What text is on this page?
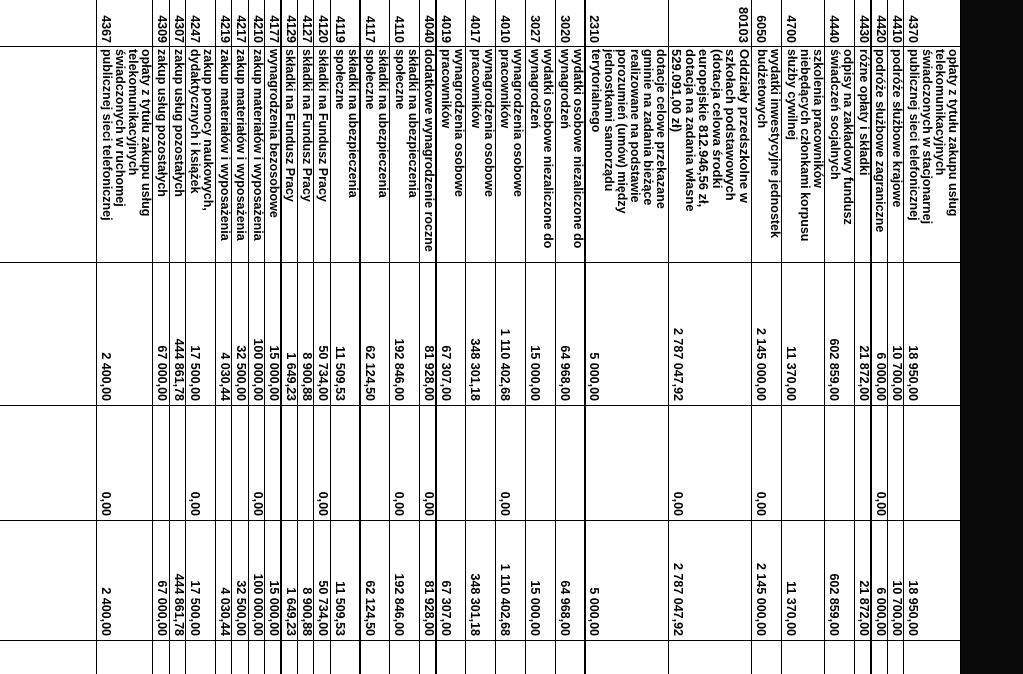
4370
opłaty z tytułu zakupu usług
telekomunikacyjnych
świadczonych w stacjonarnej
publicznej sieci telefonicznej
18 950,00
18 950,00
4410
podróże służbowe krajowe
10 700,00
10 700,00
4420
podróże służbowe zagraniczne
6 000,00
0,00
6 000,00
4430
różne opłaty i składki
21 872,00
21 872,00
4440
odpisy na zakładowy fundusz
świadczeń socjalnych
602 859,00
602 859,00
4700
szkolenia pracowników
niebędących członkami korpusu
służby cywilnej
11 370,00
11 370,00
6050
wydatki inwestycyjne jednostek
budżetowych
2 145 000,00
0,00
2 145 000,00
80103
Oddziały przedszkolne w
szkołach podstawowych
(dotacja celowa środki
europejskie 812.946,56 zł,
dotacja na zadania własne
529.091,00 zł)
2 787 047,92
0,00
2 787 047,92
2310
dotacje celowe przekazane
gminie na zadania bieżące
realizowane na podstawie
porozumień (umów) między
jednostkami samorządu
terytorialnego
5 000,00
5 000,00
3020
wydatki osobowe niezaliczone do
wynagrodzeń
64 968,00
64 968,00
3027
wydatki osobowe niezaliczone do
wynagrodzeń
15 000,00
15 000,00
4010
wynagrodzenia osobowe
pracowników
1 110 402,68
0,00
1 110 402,68
4017
wynagrodzenia osobowe
pracowników
348 301,18
348 301,18
4019
wynagrodzenia osobowe
pracowników
67 307,00
67 307,00
4040
dodatkowe wynagrodzenie roczne
81 928,00
0,00
81 928,00
4110
składki na ubezpieczenia
społeczne
192 846,00
0,00
192 846,00
4117
składki na ubezpieczenia
społeczne
62 124,50
62 124,50
4119
składki na ubezpieczenia
społeczne
11 509,53
11 509,53
4120
składki na Fundusz Pracy
50 734,00
0,00
50 734,00
4127
składki na Fundusz Pracy
8 900,88
8 900,88
4129
składki na Fundusz Pracy
1 649,23
1 649,23
4177
wynagrodzenia bezosobowe
15 000,00
15 000,00
4210
zakup materiałów i wyposażenia
100 000,00
0,00
100 000,00
4217
zakup materiałów i wyposażenia
32 500,00
32 500,00
4219
zakup materiałów i wyposażenia
4 030,44
4 030,44
4247
zakup pomocy naukowych,
dydaktycznych i książek
17 500,00
0,00
17 500,00
4307
zakup usług pozostałych
444 861,78
444 861,78
4309
zakup usług pozostałych
67 000,00
67 000,00
4367
opłaty z tytułu zakupu usług
telekomunikacyjnych
świadczonych w ruchomej
publicznej sieci telefonicznej
2 400,00
0,00
2 400,00
